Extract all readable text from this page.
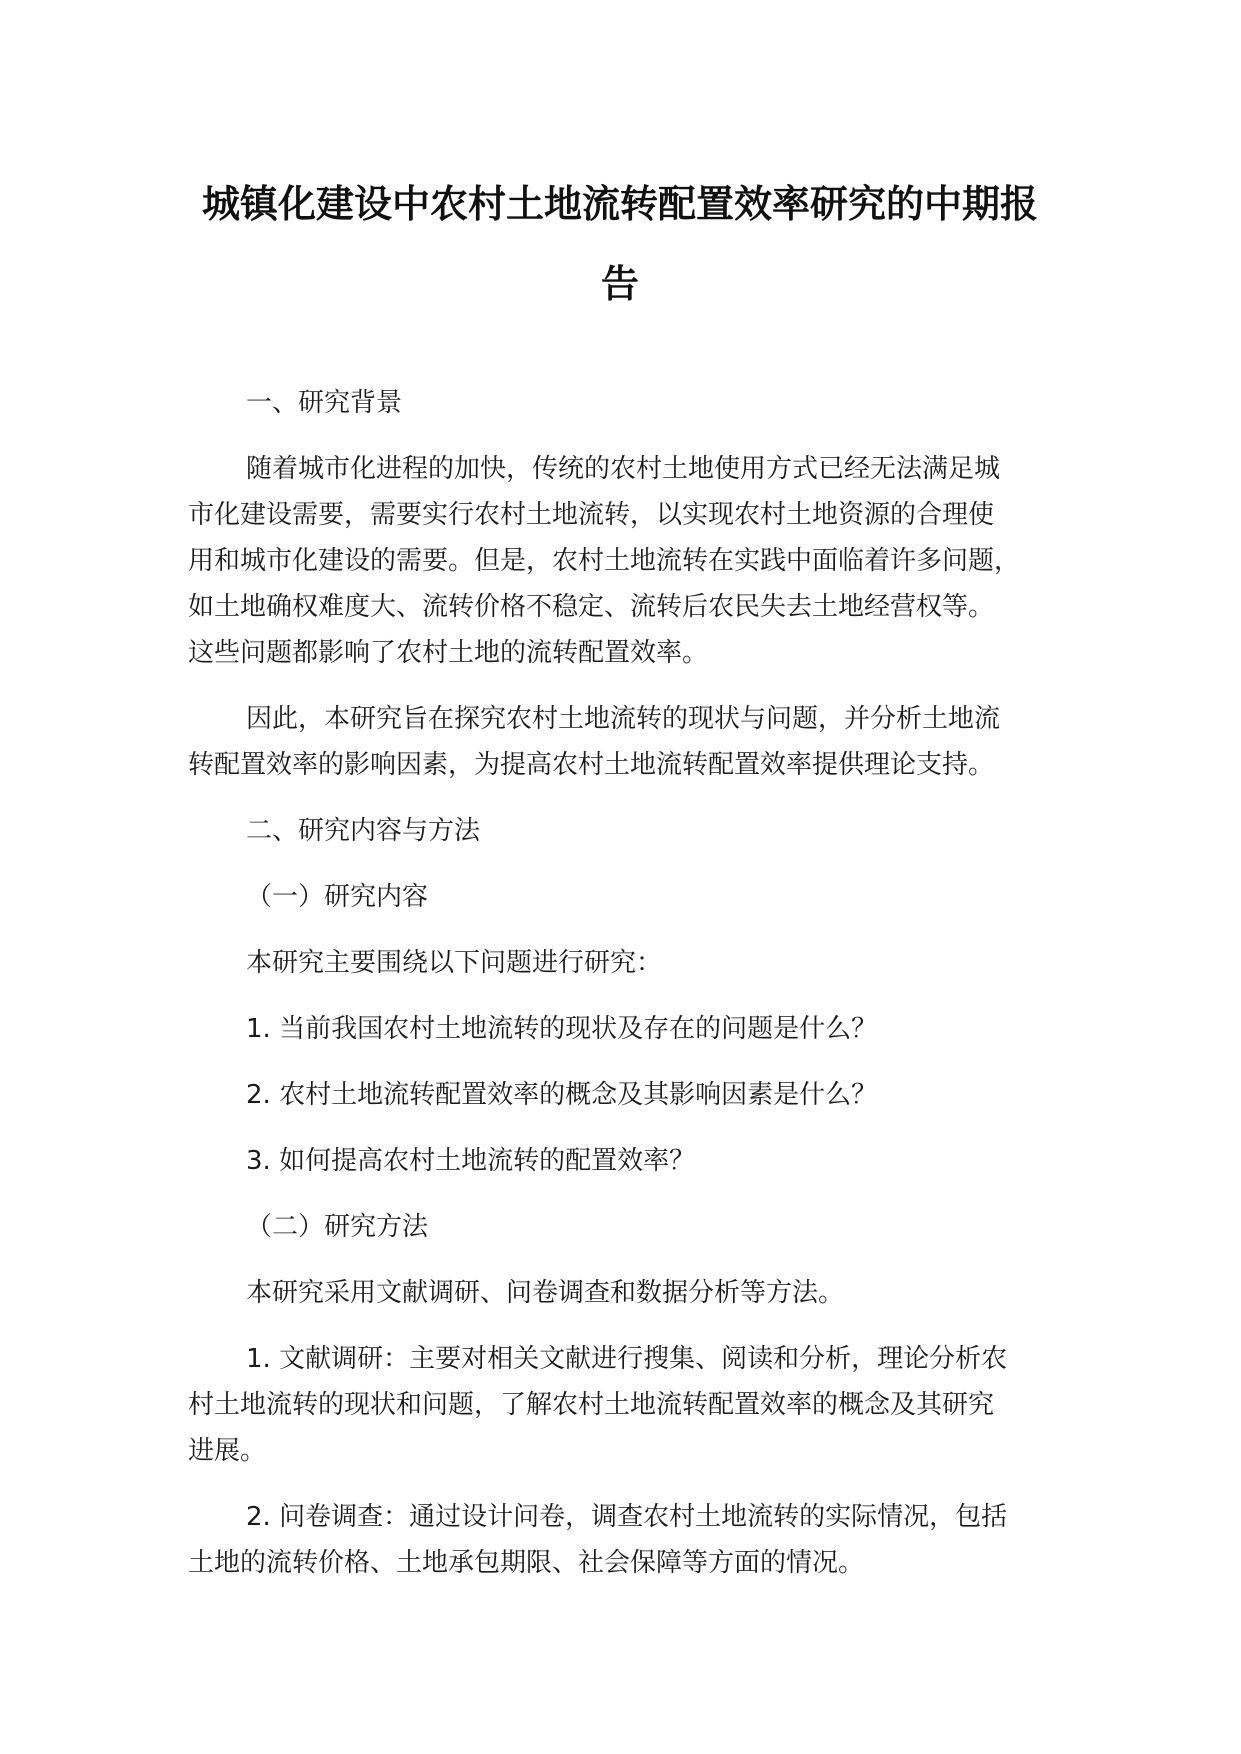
城镇化建设中农村土地流转配置效率研究的中期报
告
一、研究背景
随着城市化进程的加快，传统的农村土地使用方式已经无法满足城
市化建设需要，需要实行农村土地流转，以实现农村土地资源的合理使
用和城市化建设的需要。但是，农村土地流转在实践中面临着许多问题，
如土地确权难度大、流转价格不稳定、流转后农民失去土地经营权等。
这些问题都影响了农村土地的流转配置效率。
因此，本研究旨在探究农村土地流转的现状与问题，并分析土地流
转配置效率的影响因素，为提高农村土地流转配置效率提供理论支持。
二、研究内容与方法
（一）研究内容
本研究主要围绕以下问题进行研究：
1. 当前我国农村土地流转的现状及存在的问题是什么？
2. 农村土地流转配置效率的概念及其影响因素是什么？
3. 如何提高农村土地流转的配置效率？
（二）研究方法
本研究采用文献调研、问卷调查和数据分析等方法。
1. 文献调研：主要对相关文献进行搜集、阅读和分析，理论分析农
村土地流转的现状和问题，了解农村土地流转配置效率的概念及其研究
进展。
2. 问卷调查：通过设计问卷，调查农村土地流转的实际情况，包括
土地的流转价格、土地承包期限、社会保障等方面的情况。
